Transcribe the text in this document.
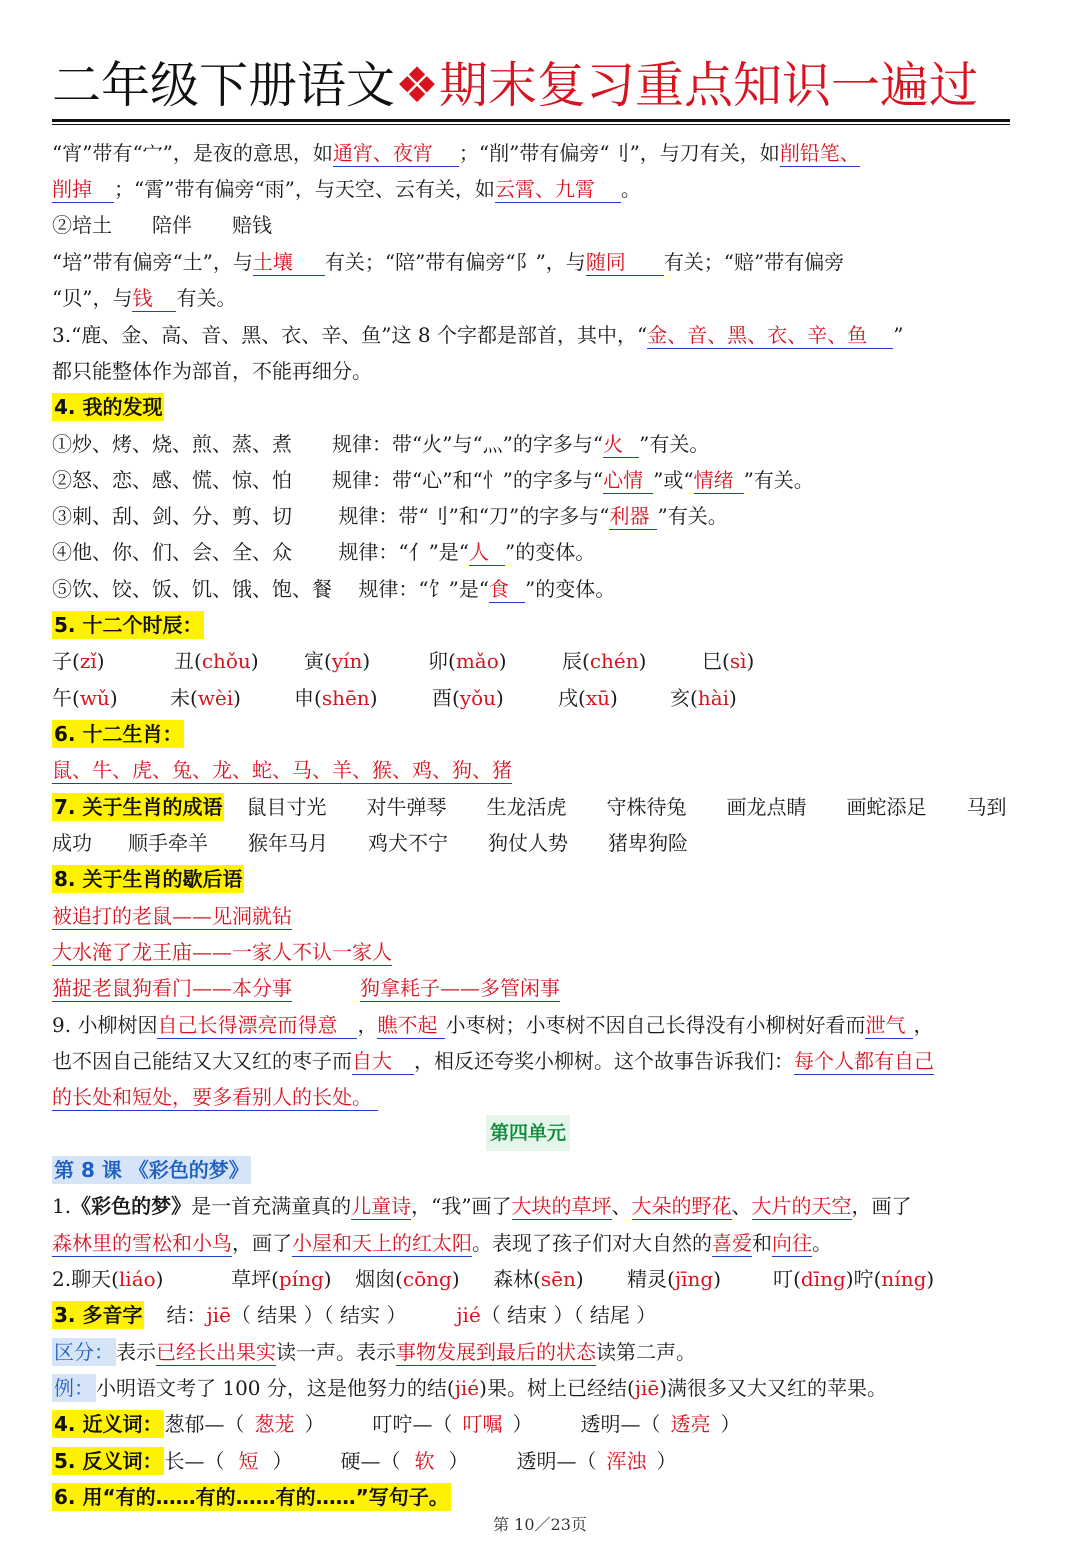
二年级下册语文❖期末复习重点知识一遍过

“宵”带有“宀”，是夜的意思，如通宵、夜宵 ；“削”带有偏旁“刂”，与刀有关，如削铅笔、
削掉 ；“霄”带有偏旁“雨”，与天空、云有关，如云霄、九霄 。
②培土　　陪伴　　赔钱
“培”带有偏旁“土”，与土壤 有关；“陪”带有偏旁“阝”，与随同 有关；“赔”带有偏旁
“贝”，与钱 有关。
3.“鹿、金、高、音、黑、衣、辛、鱼”这 8 个字都是部首，其中，“金、音、黑、衣、辛、鱼 ”
都只能整体作为部首，不能再细分。
4. 我的发现
①炒、烤、烧、煎、蒸、煮　　规律：带“火”与“灬”的字多与“火 ”有关。
②怒、恋、感、慌、惊、怕　　规律：带“心”和“忄”的字多与“心情 ”或“情绪 ”有关。
③刺、刮、剑、分、剪、切　　 规律：带“刂”和“刀”的字多与“利器 ”有关。
④他、你、们、会、全、众　　 规律：“亻”是“人 ”的变体。
⑤饮、饺、饭、饥、饿、饱、餐　 规律：“饣”是“食 ”的变体。
5. 十二个时辰：
子(zǐ)	丑(chǒu) 寅(yín)	卯(mǎo)	辰(chén)	巳(sì)
午(wǔ)	未(wèi)	申(shēn)	酉(yǒu)	戌(xū)	亥(hài)
6. 十二生肖：
鼠、牛、虎、兔、龙、蛇、马、羊、猴、鸡、狗、猪
7. 关于生肖的成语 鼠目寸光 对牛弹琴 生龙活虎 守株待兔 画龙点睛 画蛇添足 马到
成功 顺手牵羊 猴年马月 鸡犬不宁 狗仗人势 猪卑狗险
8. 关于生肖的歇后语
被追打的老鼠——见洞就钻
大水淹了龙王庙——一家人不认一家人
猫捉老鼠狗看门——本分事	狗拿耗子——多管闲事
9. 小柳树因自己长得漂亮而得意 ，瞧不起 小枣树；小枣树不因自己长得没有小柳树好看而泄气 ，
也不因自己能结又大又红的枣子而自大 ，相反还夸奖小柳树。这个故事告诉我们：每个人都有自己
的长处和短处，要多看别人的长处。
第四单元
第 8 课 《彩色的梦》
1.《彩色的梦》是一首充满童真的儿童诗，“我”画了大块的草坪、大朵的野花、大片的天空，画了
森林里的雪松和小鸟，画了小屋和天上的红太阳。表现了孩子们对大自然的喜爱和向往。
2.聊天(liáo)	草坪(píng) 烟囱(cōng) 森林(sēn) 精灵(jīng)	叮(dīng)咛(níng)
3. 多音字 结：jiē（ 结果 ）（ 结实 ）	jié（ 结束 ）（ 结尾 ）
区分： 表示已经长出果实读一声。表示事物发展到最后的状态读第二声。
例： 小明语文考了 100 分，这是他努力的结(jié)果。树上已经结(jiē)满很多又大又红的苹果。
4. 近义词： 葱郁—（ 葱茏 ） 叮咛—（ 叮嘱 ） 透明—（ 透亮 ）
5. 反义词： 长—（ 短 ） 硬—（ 软 ） 透明—（ 浑浊 ）
6. 用“有的……有的……有的……”写句子。
第 10／23页
